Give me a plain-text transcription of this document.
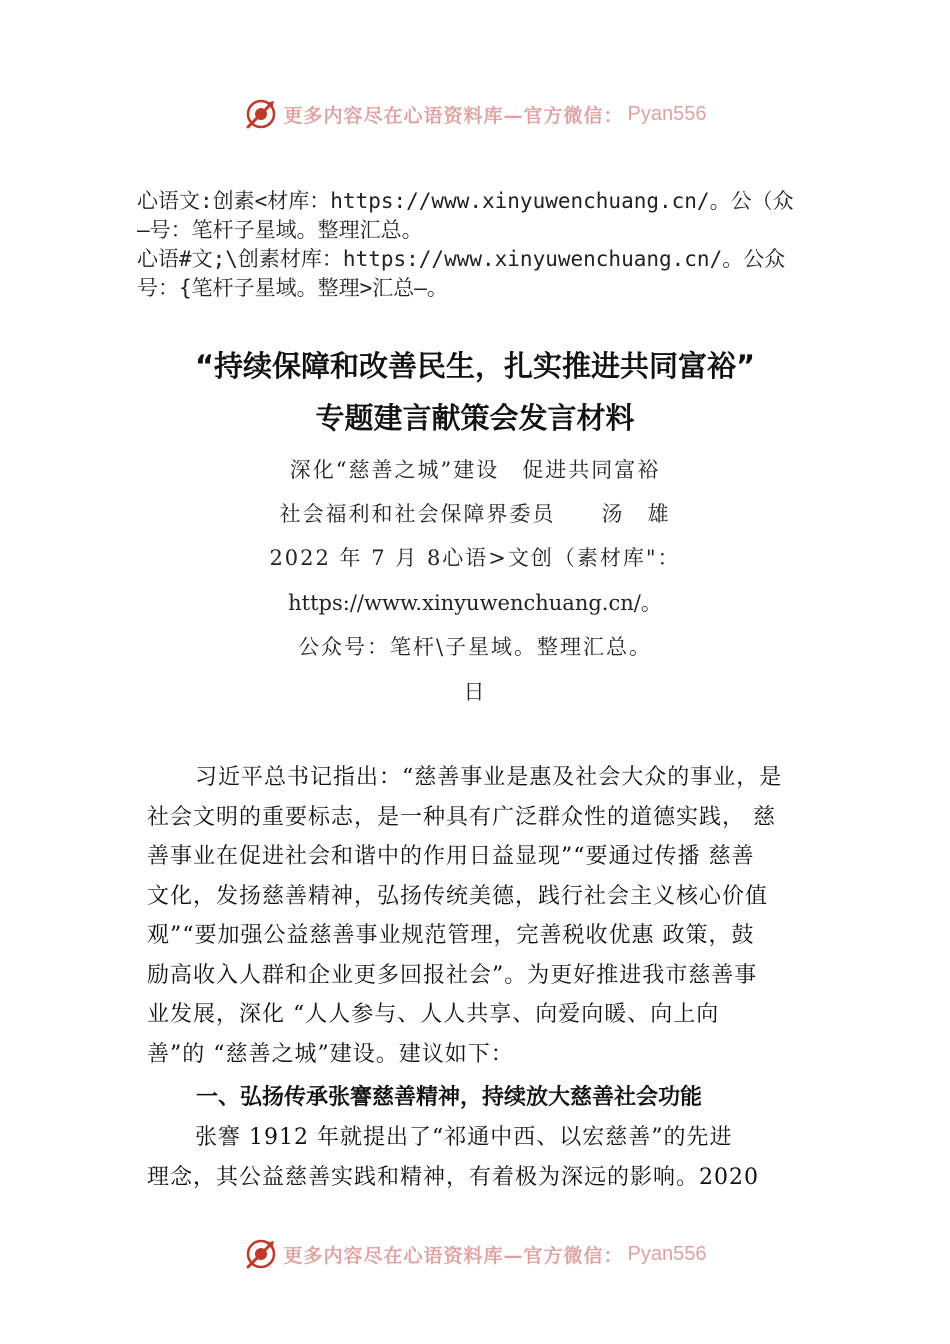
更多内容尽在心语资料库—官方微信： Pyan556
心语文:创素<材库：https://www.xinyuwenchuang.cn/。公（众
—号：笔杆子星域。整理汇总。
心语#文;\创素材库：https://www.xinyuwenchuang.cn/。公众
号：{笔杆子星域。整理>汇总—。
“持续保障和改善民生，扎实推进共同富裕”
专题建言献策会发言材料
深化“慈善之城”建设　促进共同富裕
社会福利和社会保障界委员　　汤　雄
2022 年 7 月 8心语>文创（素材库"：
https://www.xinyuwenchuang.cn/。
公众号：笔杆\子星域。整理汇总。
日

习近平总书记指出：“慈善事业是惠及社会大众的事业，是

社会文明的重要标志，是一种具有广泛群众性的道德实践， 慈

善事业在促进社会和谐中的作用日益显现”“要通过传播 慈善

文化，发扬慈善精神，弘扬传统美德，践行社会主义核心价值

观”“要加强公益慈善事业规范管理，完善税收优惠 政策，鼓

励高收入人群和企业更多回报社会”。为更好推进我市慈善事

业发展，深化 “人人参与、人人共享、向爱向暖、向上向

善”的 “慈善之城”建设。建议如下：

一、弘扬传承张謇慈善精神，持续放大慈善社会功能

张謇 1912 年就提出了“祁通中西、以宏慈善”的先进

理念，其公益慈善实践和精神，有着极为深远的影响。2020

更多内容尽在心语资料库—官方微信： Pyan556
